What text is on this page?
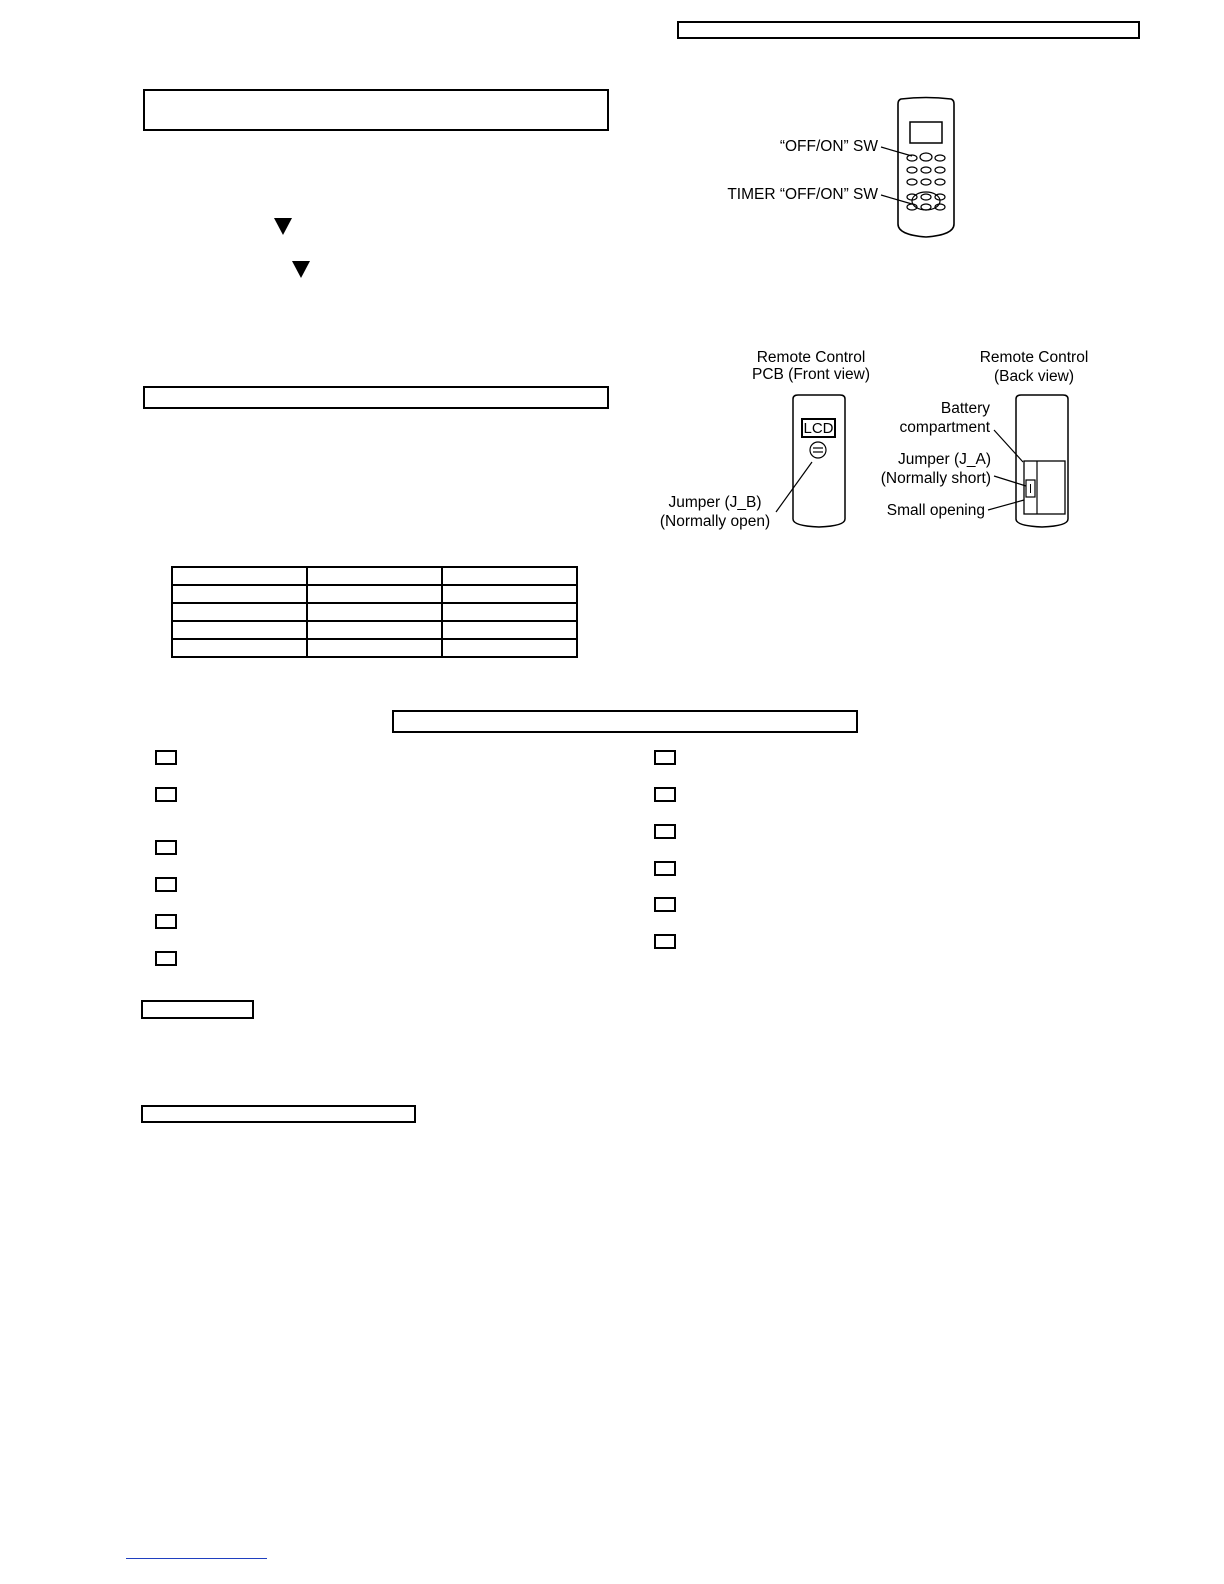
“OFF/ON” SW
TIMER “OFF/ON” SW
Remote Control
PCB (Front view)
LCD
Jumper (J_B)
(Normally open)
Remote Control
(Back view)
Battery
compartment
Jumper (J_A)
(Normally short)
Small opening
